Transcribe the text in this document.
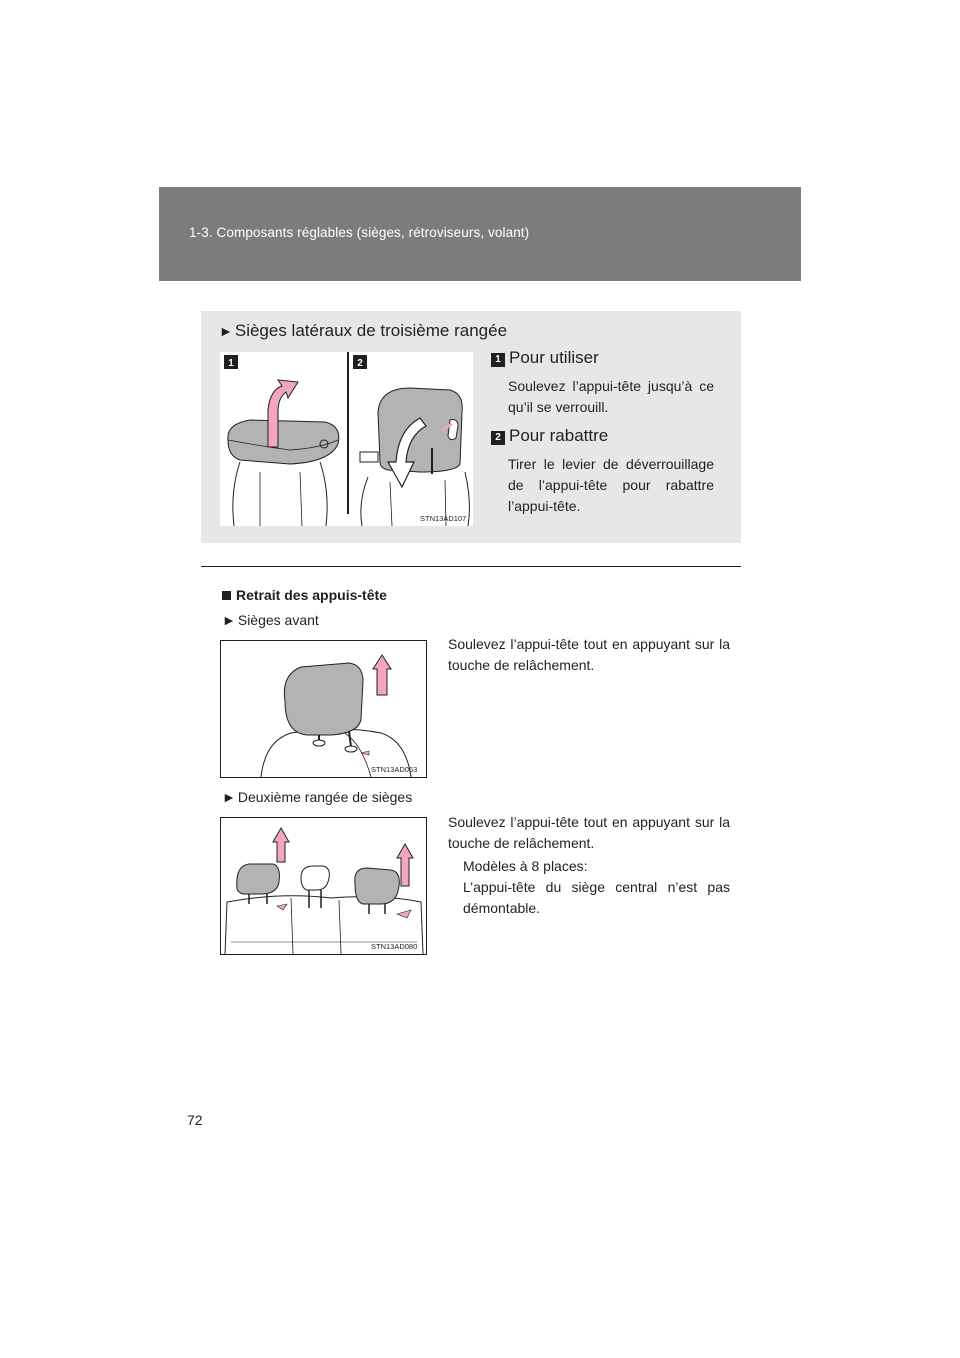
1-3. Composants réglables (sièges, rétroviseurs, volant)
► Sièges latéraux de troisième rangée
1	2
STN13AD107
1 Pour utiliser
Soulevez l’appui-tête jusqu’à ce qu’il se verrouill.
2 Pour rabattre
Tirer le levier de déverrouillage de l’appui-tête pour rabattre l’appui-tête.
Retrait des appuis-tête
► Sièges avant
STN13AD063
Soulevez l’appui-tête tout en appuyant sur la touche de relâchement.
► Deuxième rangée de sièges
STN13AD080
Soulevez l’appui-tête tout en appuyant sur la touche de relâchement.
Modèles à 8 places:
L’appui-tête du siège central n’est pas démontable.
72
